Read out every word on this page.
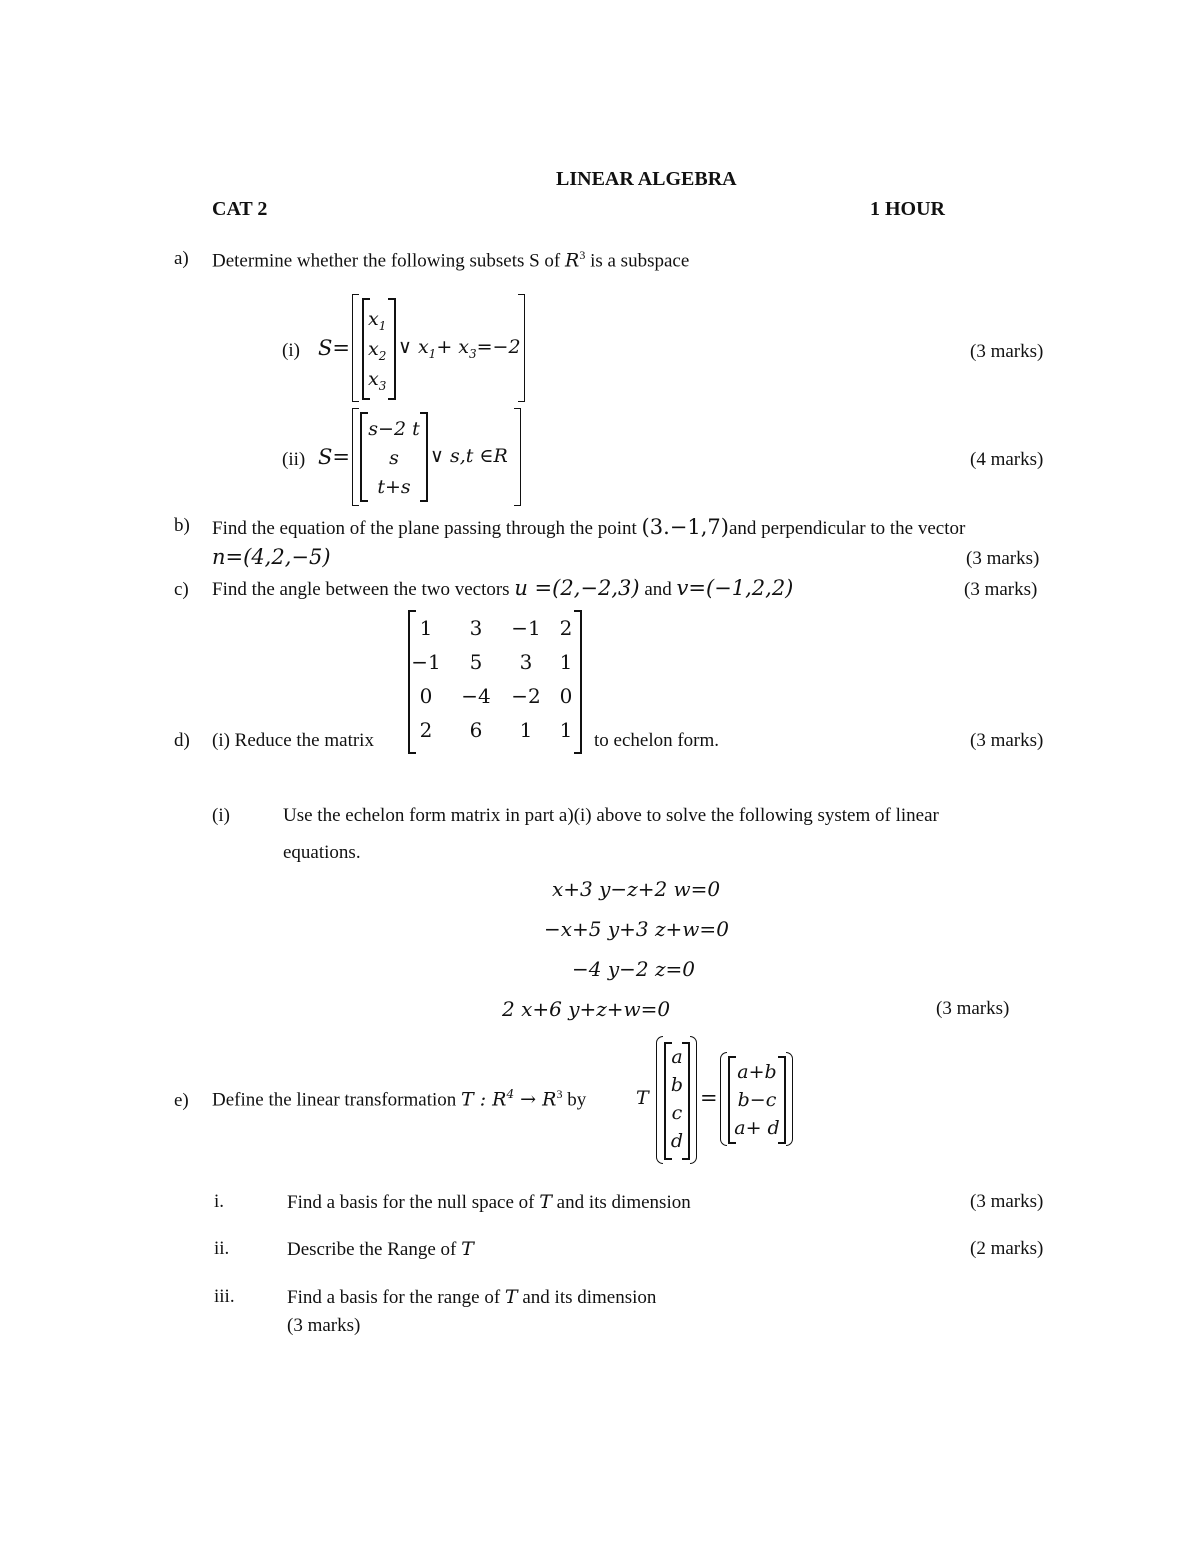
LINEAR ALGEBRA
CAT 2	1 HOUR
a) Determine whether the following subsets S of $R^3$ is a subspace
(i) S=
$x_1$
$x_2$
$x_3$
∨ $x_1+ x_3=-2$	(3 marks)
(ii) S=
s−2 t
s
t+s
∨ s,t ∈R	(4 marks)
b) Find the equation of the plane passing through the point (3.−1,7)and perpendicular to the vector
n=(4,2,−5)	(3 marks)
c) Find the angle between the two vectors u =(2,−2,3) and v=(−1,2,2)	(3 marks)
1	3	−1 2
−1	5	3	1
0	−4 −2 0
2	6	1	1
d) (i) Reduce the matrix	to echelon form.	(3 marks)
(i)	Use the echelon form matrix in part a)(i) above to solve the following system of linear
equations.
x+3 y−z+2 w=0
−x+5 y+3 z+w=0
−4 y−2 z=0
2 x+6 y+z+w=0	(3 marks)
e) Define the linear transformation T : $R^4 \to R^3$ by	T
a
b
c
d
=
a+b
b−c
a+ d
i.	Find a basis for the null space of T and its dimension	(3 marks)
ii.	Describe the Range of T	(2 marks)
iii.	Find a basis for the range of T and its dimension
(3 marks)
